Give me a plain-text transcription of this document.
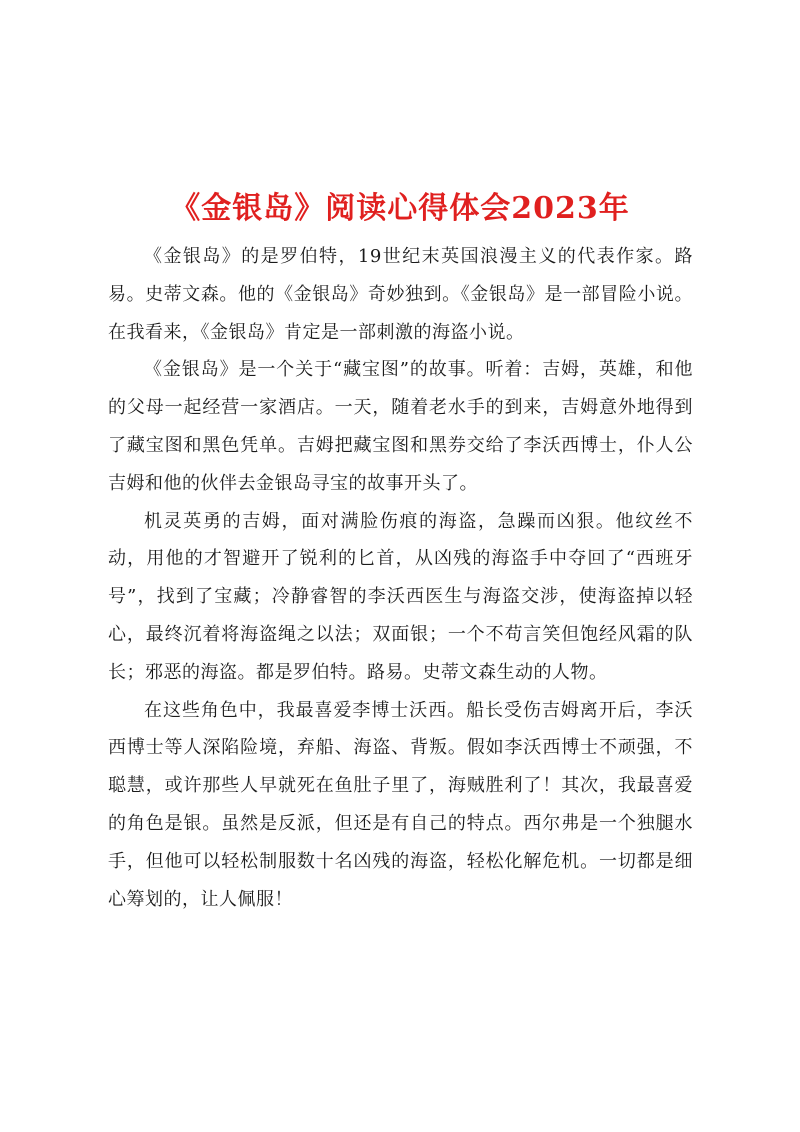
《金银岛》阅读心得体会2023年

《金银岛》的是罗伯特，19世纪末英国浪漫主义的代表作家。路易。史蒂文森。他的《金银岛》奇妙独到。《金银岛》是一部冒险小说。在我看来，《金银岛》肯定是一部刺激的海盗小说。

《金银岛》是一个关于“藏宝图”的故事。听着：吉姆，英雄，和他的父母一起经营一家酒店。一天，随着老水手的到来，吉姆意外地得到了藏宝图和黑色凭单。吉姆把藏宝图和黑券交给了李沃西博士，仆人公吉姆和他的伙伴去金银岛寻宝的故事开头了。

机灵英勇的吉姆，面对满脸伤痕的海盗，急躁而凶狠。他纹丝不动，用他的才智避开了锐利的匕首，从凶残的海盗手中夺回了“西班牙号”，找到了宝藏；冷静睿智的李沃西医生与海盗交涉，使海盗掉以轻心，最终沉着将海盗绳之以法；双面银；一个不苟言笑但饱经风霜的队长；邪恶的海盗。都是罗伯特。路易。史蒂文森生动的人物。

在这些角色中，我最喜爱李博士沃西。船长受伤吉姆离开后，李沃西博士等人深陷险境，弃船、海盗、背叛。假如李沃西博士不顽强，不聪慧，或许那些人早就死在鱼肚子里了，海贼胜利了！其次，我最喜爱的角色是银。虽然是反派，但还是有自己的特点。西尔弗是一个独腿水手，但他可以轻松制服数十名凶残的海盗，轻松化解危机。一切都是细心筹划的，让人佩服！
